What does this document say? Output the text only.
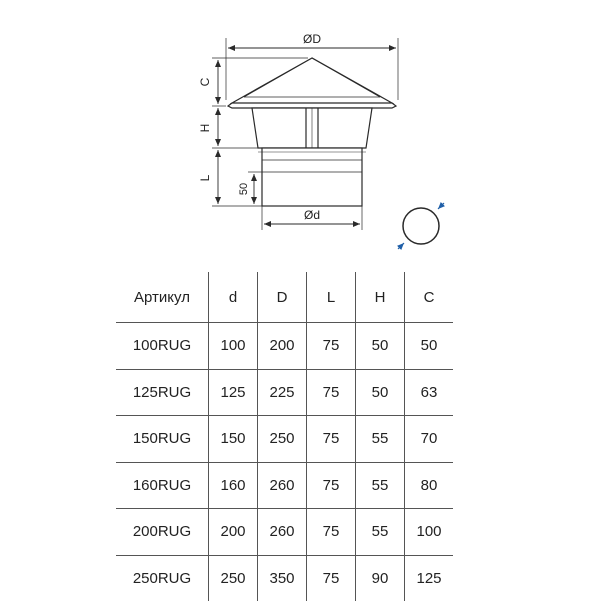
ØD
C
H
L
50
Ød
Артикул	d	D	L	H	C
100RUG	100	200	75	50	50
125RUG	125	225	75	50	63
150RUG	150	250	75	55	70
160RUG	160	260	75	55	80
200RUG	200	260	75	55	100
250RUG	250	350	75	90	125
